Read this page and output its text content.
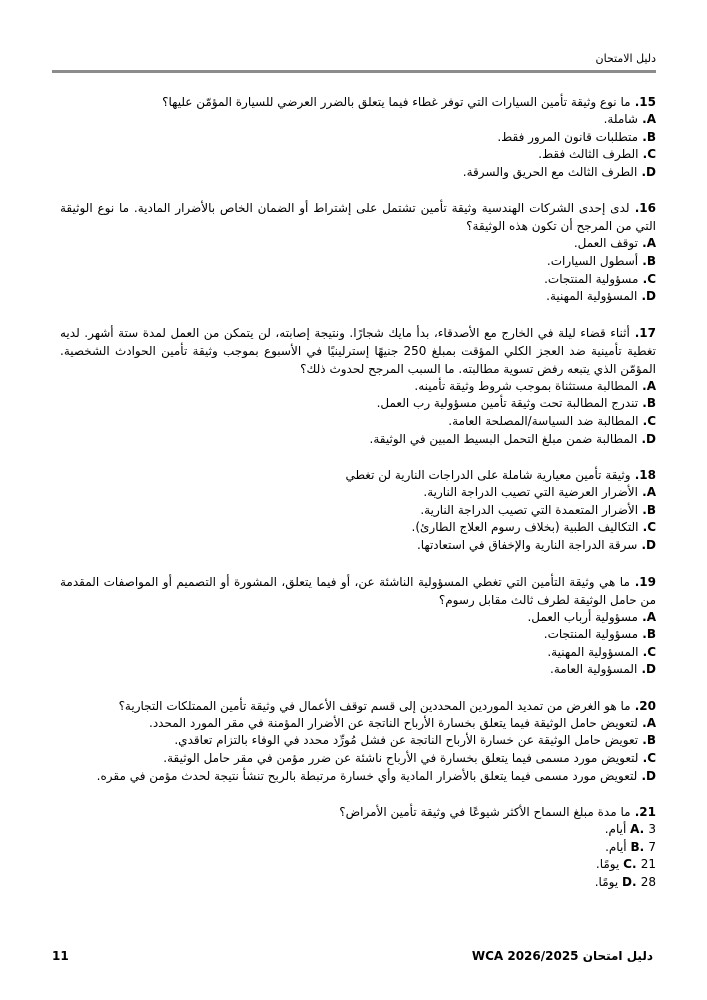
دليل الامتحان
15. ما نوع وثيقة تأمين السيارات التي توفر غطاء فيما يتعلق بالضرر العرضي للسيارة المؤمّن عليها؟
A. شاملة.
B. متطلبات قانون المرور فقط.
C. الطرف الثالث فقط.
D. الطرف الثالث مع الحريق والسرقة.
16. لدى إحدى الشركات الهندسية وثيقة تأمين تشتمل على إشتراط أو الضمان الخاص بالأضرار المادية. ما نوع الوثيقة التي من المرجح أن تكون هذه الوثيقة؟
A. توقف العمل.
B. أسطول السيارات.
C. مسؤولية المنتجات.
D. المسؤولية المهنية.
17. أثناء قضاء ليلة في الخارج مع الأصدقاء، بدأ مايك شجارًا. ونتيجة إصابته، لن يتمكن من العمل لمدة ستة أشهر. لديه تغطية تأمينية ضد العجز الكلي المؤقت بمبلغ 250 جنيهًا إسترلينيًا في الأسبوع بموجب وثيقة تأمين الحوادث الشخصية. المؤمّن الذي يتبعه رفض تسوية مطالبته. ما السبب المرجح لحدوث ذلك؟
A. المطالبة مستثناة بموجب شروط وثيقة تأمينه.
B. تندرج المطالبة تحت وثيقة تأمين مسؤولية رب العمل.
C. المطالبة ضد السياسة/المصلحة العامة.
D. المطالبة ضمن مبلغ التحمل البسيط المبين في الوثيقة.
18. وثيقة تأمين معيارية شاملة على الدراجات النارية لن تغطي
A. الأضرار العرضية التي تصيب الدراجة النارية.
B. الأضرار المتعمدة التي تصيب الدراجة النارية.
C. التكاليف الطبية (بخلاف رسوم العلاج الطارئ).
D. سرقة الدراجة النارية والإخفاق في استعادتها.
19. ما هي وثيقة التأمين التي تغطي المسؤولية الناشئة عن، أو فيما يتعلق، المشورة أو التصميم أو المواصفات المقدمة من حامل الوثيقة لطرف ثالث مقابل رسوم؟
A. مسؤولية أرباب العمل.
B. مسؤولية المنتجات.
C. المسؤولية المهنية.
D. المسؤولية العامة.
20. ما هو الغرض من تمديد الموردين المحددين إلى قسم توقف الأعمال في وثيقة تأمين الممتلكات التجارية؟
A. لتعويض حامل الوثيقة فيما يتعلق بخسارة الأرباح الناتجة عن الأضرار المؤمنة في مقر المورد المحدد.
B. تعويض حامل الوثيقة عن خسارة الأرباح الناتجة عن فشل مُورِّد محدد في الوفاء بالتزام تعاقدي.
C. لتعويض مورد مسمى فيما يتعلق بخسارة في الأرباح ناشئة عن ضرر مؤمن في مقر حامل الوثيقة.
D. لتعويض مورد مسمى فيما يتعلق بالأضرار المادية وأي خسارة مرتبطة بالربح تنشأ نتيجة لحدث مؤمن في مقره.
21. ما مدة مبلغ السماح الأكثر شيوعًا في وثيقة تأمين الأمراض؟
A. 3 أيام.
B. 7 أيام.
C. 21 يومًا.
D. 28 يومًا.
دليل امتحان WCA 2026/2025
11
